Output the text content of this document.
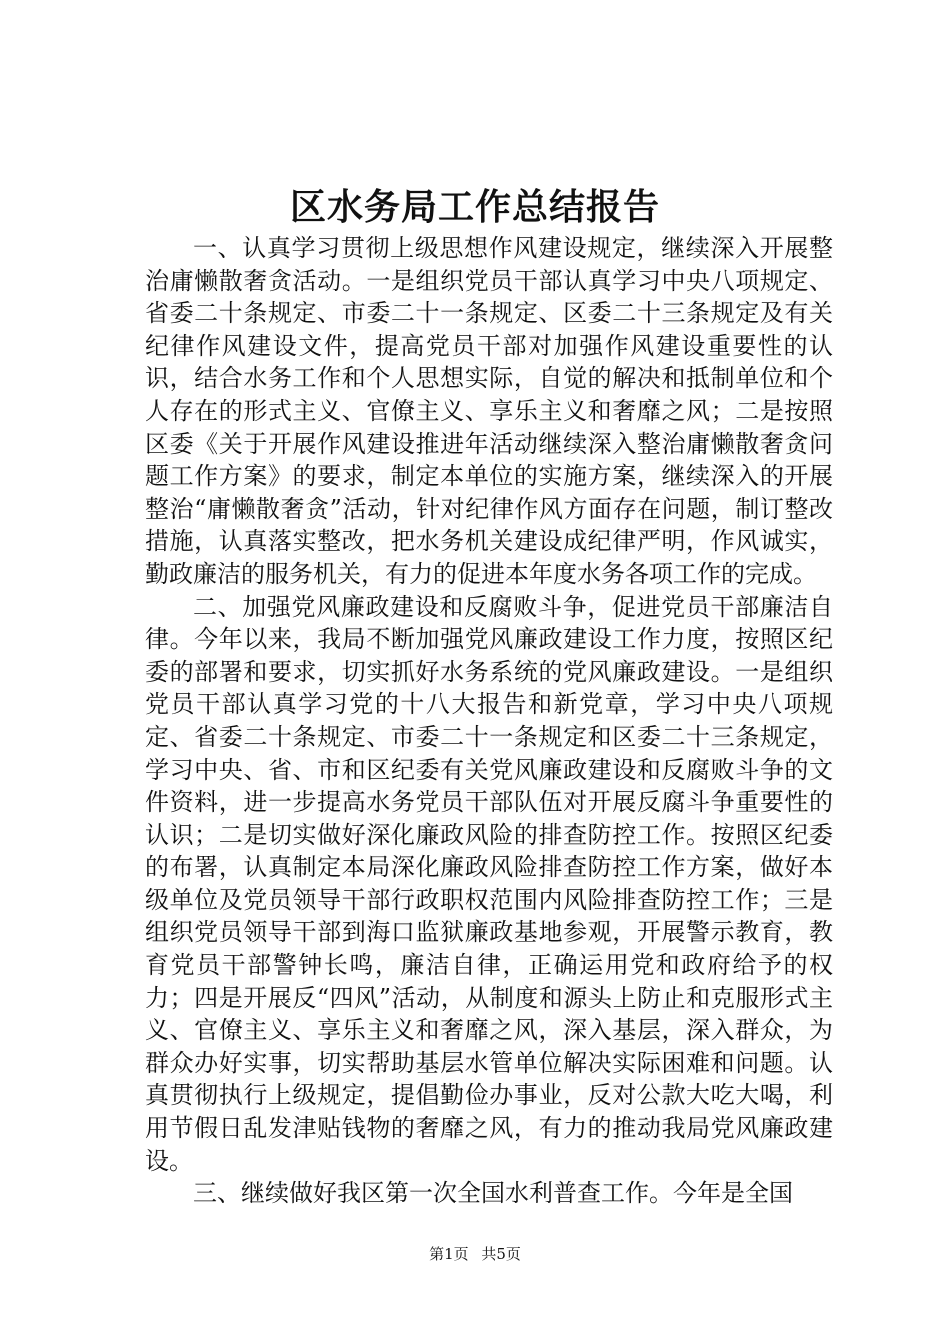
区水务局工作总结报告

一、认真学习贯彻上级思想作风建设规定，继续深入开展整治庸懒散奢贪活动。一是组织党员干部认真学习中央八项规定、省委二十条规定、市委二十一条规定、区委二十三条规定及有关纪律作风建设文件，提高党员干部对加强作风建设重要性的认识，结合水务工作和个人思想实际，自觉的解决和抵制单位和个人存在的形式主义、官僚主义、享乐主义和奢靡之风；二是按照区委《关于开展作风建设推进年活动继续深入整治庸懒散奢贪问题工作方案》的要求，制定本单位的实施方案，继续深入的开展整治“庸懒散奢贪”活动，针对纪律作风方面存在问题，制订整改措施，认真落实整改，把水务机关建设成纪律严明，作风诚实，勤政廉洁的服务机关，有力的促进本年度水务各项工作的完成。

二、加强党风廉政建设和反腐败斗争，促进党员干部廉洁自律。今年以来，我局不断加强党风廉政建设工作力度，按照区纪委的部署和要求，切实抓好水务系统的党风廉政建设。一是组织党员干部认真学习党的十八大报告和新党章，学习中央八项规定、省委二十条规定、市委二十一条规定和区委二十三条规定，学习中央、省、市和区纪委有关党风廉政建设和反腐败斗争的文件资料，进一步提高水务党员干部队伍对开展反腐斗争重要性的认识；二是切实做好深化廉政风险的排查防控工作。按照区纪委的布署，认真制定本局深化廉政风险排查防控工作方案，做好本级单位及党员领导干部行政职权范围内风险排查防控工作；三是组织党员领导干部到海口监狱廉政基地参观，开展警示教育，教育党员干部警钟长鸣，廉洁自律，正确运用党和政府给予的权力；四是开展反“四风”活动，从制度和源头上防止和克服形式主义、官僚主义、享乐主义和奢靡之风，深入基层，深入群众，为群众办好实事，切实帮助基层水管单位解决实际困难和问题。认真贯彻执行上级规定，提倡勤俭办事业，反对公款大吃大喝，利用节假日乱发津贴钱物的奢靡之风，有力的推动我局党风廉政建设。

三、继续做好我区第一次全国水利普查工作。今年是全国

第1页 共5页
